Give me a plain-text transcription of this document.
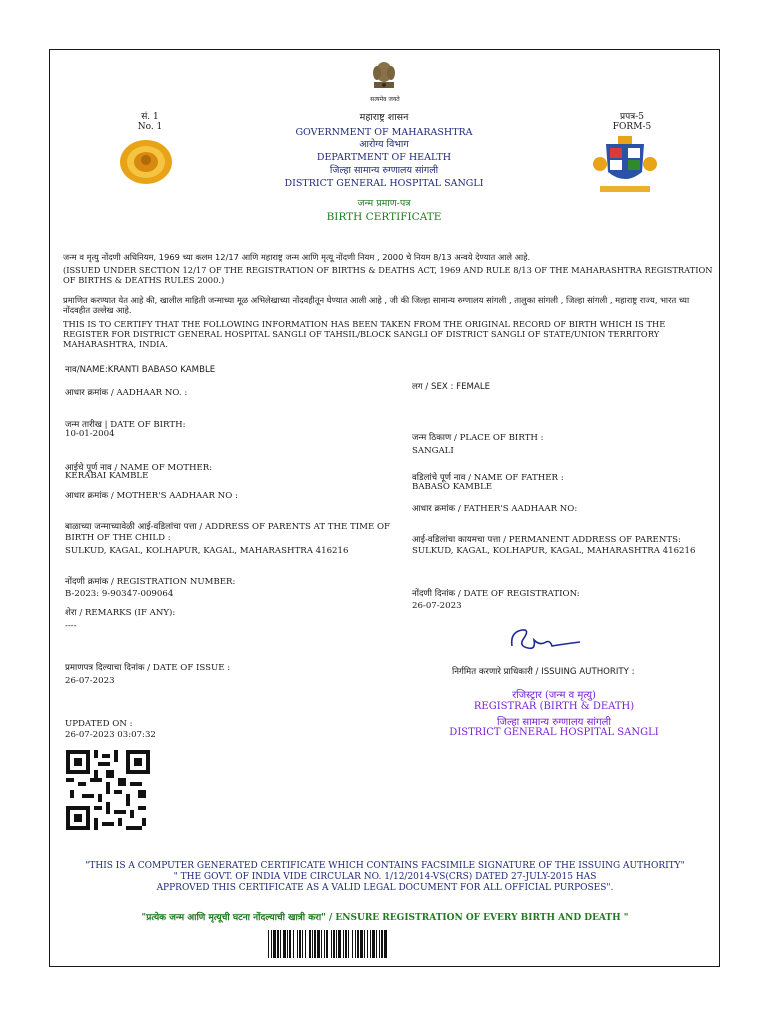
सत्यमेव जयते
सं. 1
No. 1
प्रपत्र-5
FORM-5
महाराष्ट्र शासन
GOVERNMENT OF MAHARASHTRA
आरोग्य विभाग
DEPARTMENT OF HEALTH
जिल्हा सामान्य रुग्णालय सांगली
DISTRICT GENERAL HOSPITAL SANGLI
जन्म प्रमाण-पत्र
BIRTH CERTIFICATE
जन्म व मृत्यु नोंदणी अधिनियम, 1969 च्या कलम 12/17 आणि महाराष्ट्र जन्म आणि मृत्यू नोंदणी नियम , 2000 चे नियम 8/13 अन्वये देण्यात आले आहे.
(ISSUED UNDER SECTION 12/17 OF THE REGISTRATION OF BIRTHS & DEATHS ACT, 1969 AND RULE 8/13 OF THE MAHARASHTRA REGISTRATION OF BIRTHS & DEATHS RULES 2000.)
प्रमाणित करण्यात येत आहे की, खालील माहिती जन्माच्या मूळ अभिलेखाच्या नोंदवहीतून घेण्यात आली आहे , जी की जिल्हा सामान्य रुग्णालय सांगली , तालुका सांगली , जिल्हा सांगली , महाराष्ट्र राज्य, भारत च्या नोंदवहीत उल्लेख आहे.
THIS IS TO CERTIFY THAT THE FOLLOWING INFORMATION HAS BEEN TAKEN FROM THE ORIGINAL RECORD OF BIRTH WHICH IS THE REGISTER FOR DISTRICT GENERAL HOSPITAL SANGLI OF TAHSIL/BLOCK SANGLI OF DISTRICT SANGLI OF STATE/UNION TERRITORY MAHARASHTRA, INDIA.
नाव/NAME:KRANTI BABASO KAMBLE
आधार क्रमांक / AADHAAR NO. :
जन्म तारीख | DATE OF BIRTH:
10-01-2004
आईचे पूर्ण नाव / NAME OF MOTHER:
KERABAI KAMBLE
आधार क्रमांक / MOTHER'S AADHAAR NO :
बाळाच्या जन्माच्यावेळी आई-वडिलांचा पत्ता / ADDRESS OF PARENTS AT THE TIME OF BIRTH OF THE CHILD :
SULKUD, KAGAL, KOLHAPUR, KAGAL, MAHARASHTRA 416216
नोंदणी क्रमांक / REGISTRATION NUMBER:
B-2023: 9-90347-009064
शेरा / REMARKS (IF ANY):
----
प्रमाणपत्र दिल्याचा दिनांक / DATE OF ISSUE :
26-07-2023
UPDATED ON :
26-07-2023 03:07:32
लग / SEX : FEMALE
जन्म ठिकाण / PLACE OF BIRTH :
SANGALI
वडिलांचे पूर्ण नाव / NAME OF FATHER :
BABASO KAMBLE
आधार क्रमांक / FATHER'S AADHAAR NO:
आई-वडिलांचा कायमचा पत्ता / PERMANENT ADDRESS OF PARENTS:
SULKUD, KAGAL, KOLHAPUR, KAGAL, MAHARASHTRA 416216
नोंदणी दिनांक / DATE OF REGISTRATION:
26-07-2023
निर्गमित करणारे प्राधिकारी / ISSUING AUTHORITY :
रजिस्ट्रार (जन्म व मृत्यु)
REGISTRAR (BIRTH & DEATH)
जिल्हा सामान्य रुग्णालय सांगली
DISTRICT GENERAL HOSPITAL SANGLI
"THIS IS A COMPUTER GENERATED CERTIFICATE WHICH CONTAINS FACSIMILE SIGNATURE OF THE ISSUING AUTHORITY"
" THE GOVT. OF INDIA VIDE CIRCULAR NO. 1/12/2014-VS(CRS) DATED 27-JULY-2015 HAS
APPROVED THIS CERTIFICATE AS A VALID LEGAL DOCUMENT FOR ALL OFFICIAL PURPOSES".
"प्रत्येक जन्म आणि मृत्यूची घटना नोंदल्याची खात्री करा" / ENSURE REGISTRATION OF EVERY BIRTH AND DEATH "
